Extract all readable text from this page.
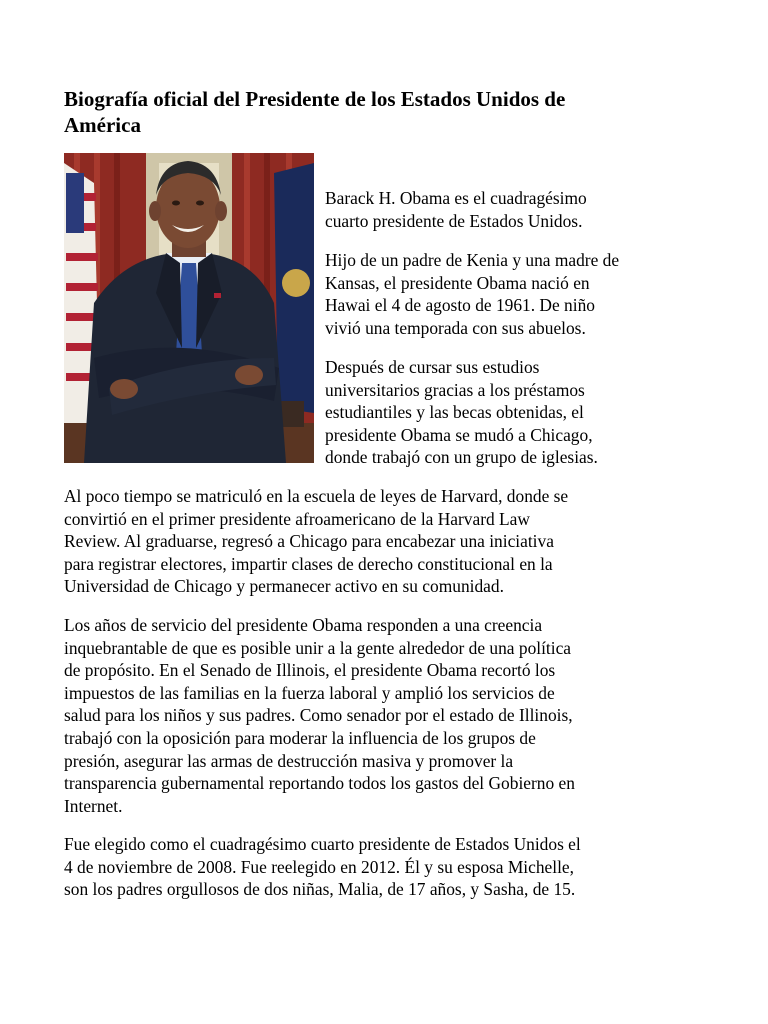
Biografía oficial del Presidente de los Estados Unidos de
América

Barack H. Obama es el cuadragésimo
cuarto presidente de Estados Unidos.

Hijo de un padre de Kenia y una madre de
Kansas, el presidente Obama nació en
Hawai el 4 de agosto de 1961. De niño
vivió una temporada con sus abuelos.

Después de cursar sus estudios
universitarios gracias a los préstamos
estudiantiles y las becas obtenidas, el
presidente Obama se mudó a Chicago,
donde trabajó con un grupo de iglesias.

Al poco tiempo se matriculó en la escuela de leyes de Harvard, donde se
convirtió en el primer presidente afroamericano de la Harvard Law
Review. Al graduarse, regresó a Chicago para encabezar una iniciativa
para registrar electores, impartir clases de derecho constitucional en la
Universidad de Chicago y permanecer activo en su comunidad.

Los años de servicio del presidente Obama responden a una creencia
inquebrantable de que es posible unir a la gente alrededor de una política
de propósito. En el Senado de Illinois, el presidente Obama recortó los
impuestos de las familias en la fuerza laboral y amplió los servicios de
salud para los niños y sus padres. Como senador por el estado de Illinois,
trabajó con la oposición para moderar la influencia de los grupos de
presión, asegurar las armas de destrucción masiva y promover la
transparencia gubernamental reportando todos los gastos del Gobierno en
Internet.

Fue elegido como el cuadragésimo cuarto presidente de Estados Unidos el
4 de noviembre de 2008. Fue reelegido en 2012. Él y su esposa Michelle,
son los padres orgullosos de dos niñas, Malia, de 17 años, y Sasha, de 15.
